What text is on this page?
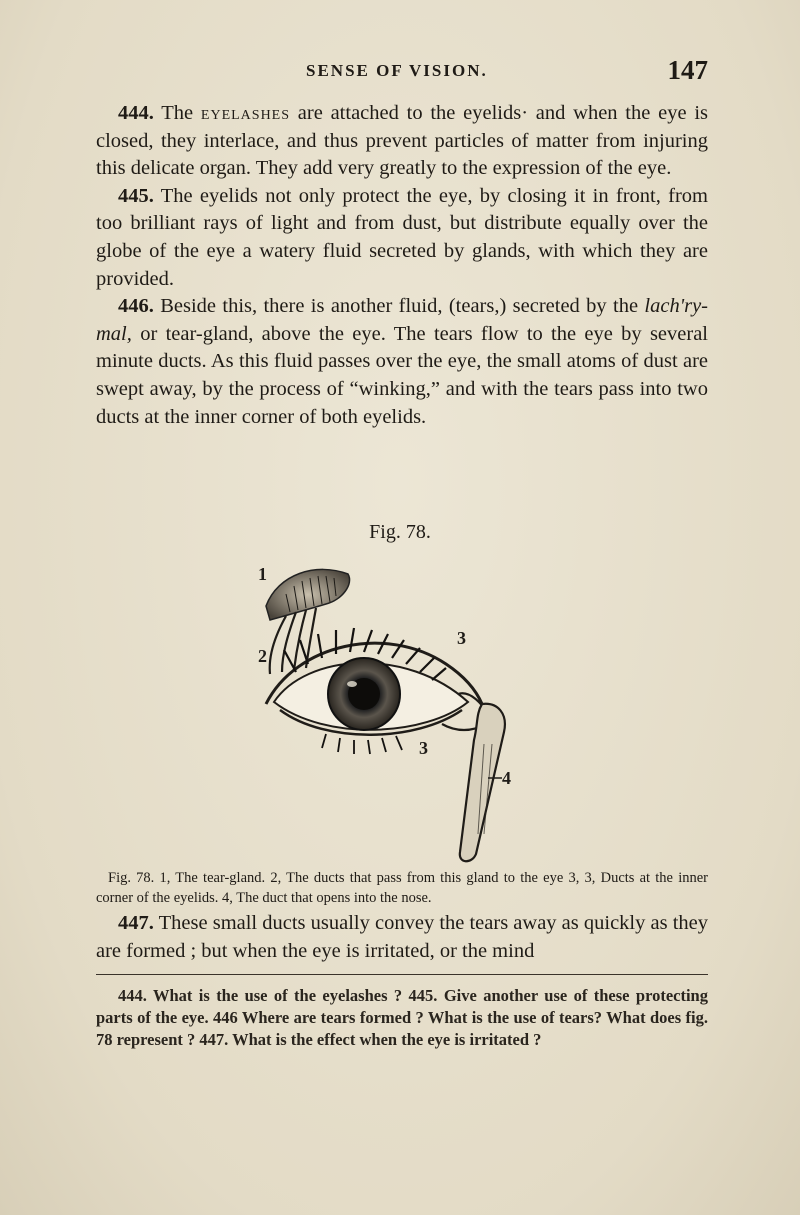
SENSE OF VISION.	147

444. The eyelashes are attached to the eyelids· and when the eye is closed, they interlace, and thus prevent particles of matter from injuring this delicate organ. They add very greatly to the expression of the eye.

445. The eyelids not only protect the eye, by closing it in front, from too brilliant rays of light and from dust, but distribute equally over the globe of the eye a watery fluid secreted by glands, with which they are provided.

446. Beside this, there is another fluid, (tears,) secreted by the lach'ry-mal, or tear-gland, above the eye. The tears flow to the eye by several minute ducts. As this fluid passes over the eye, the small atoms of dust are swept away, by the process of “winking,” and with the tears pass into two ducts at the inner corner of both eyelids.

Fig. 78.
1
2
3
3
4
Fig. 78. 1, The tear-gland. 2, The ducts that pass from this gland to the eye 3, 3, Ducts at the inner corner of the eyelids. 4, The duct that opens into the nose.

447. These small ducts usually convey the tears away as quickly as they are formed ; but when the eye is irritated, or the mind

444. What is the use of the eyelashes ? 445. Give another use of these protecting parts of the eye. 446 Where are tears formed ? What is the use of tears? What does fig. 78 represent ? 447. What is the effect when the eye is irritated ?
